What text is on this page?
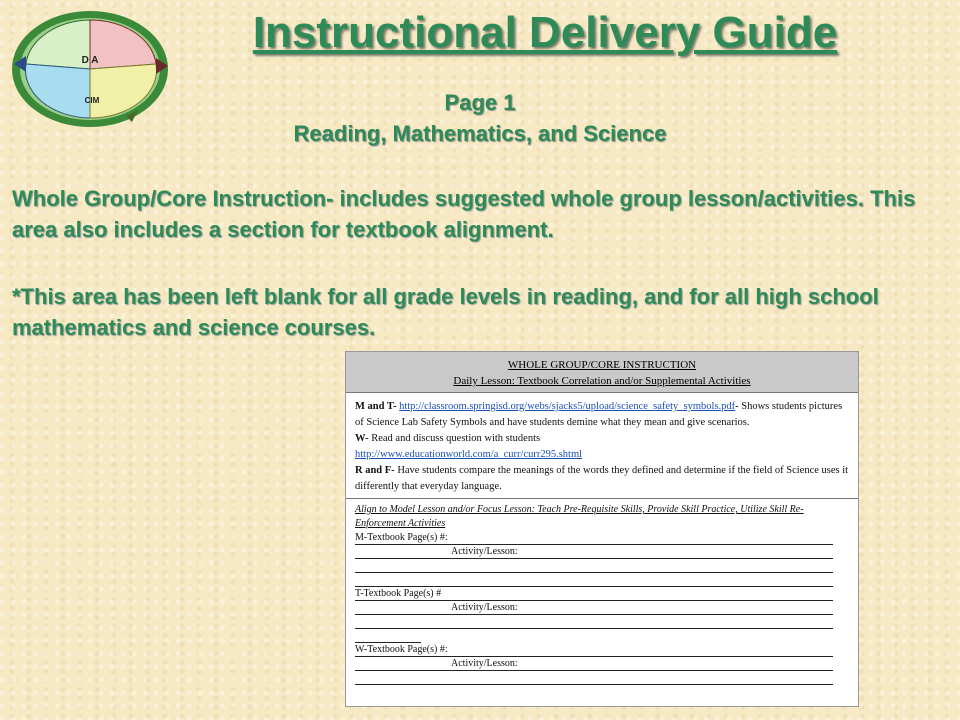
D A
CIM
Instructional Delivery Guide
Page 1
Reading, Mathematics, and Science
Whole Group/Core Instruction- includes suggested whole group lesson/activities. This area also includes a section for textbook alignment.
*This area has been left blank for all grade levels in reading, and for all high school mathematics and science courses.
WHOLE GROUP/CORE INSTRUCTION
Daily Lesson: Textbook Correlation and/or Supplemental Activities
M and T- http://classroom.springisd.org/webs/sjacks5/upload/science_safety_symbols.pdf- Shows students pictures of Science Lab Safety Symbols and have students demine what they mean and give scenarios.
W- Read and discuss question with students
http://www.educationworld.com/a_curr/curr295.shtml
R and F- Have students compare the meanings of the words they defined and determine if the field of Science uses it differently that everyday language.
Align to Model Lesson and/or Focus Lesson: Teach Pre-Requisite Skills, Provide Skill Practice, Utilize Skill Re-Enforcement Activities
M-Textbook Page(s) #:
Activity/Lesson:
T-Textbook Page(s) #
Activity/Lesson:
W-Textbook Page(s) #:
Activity/Lesson:
